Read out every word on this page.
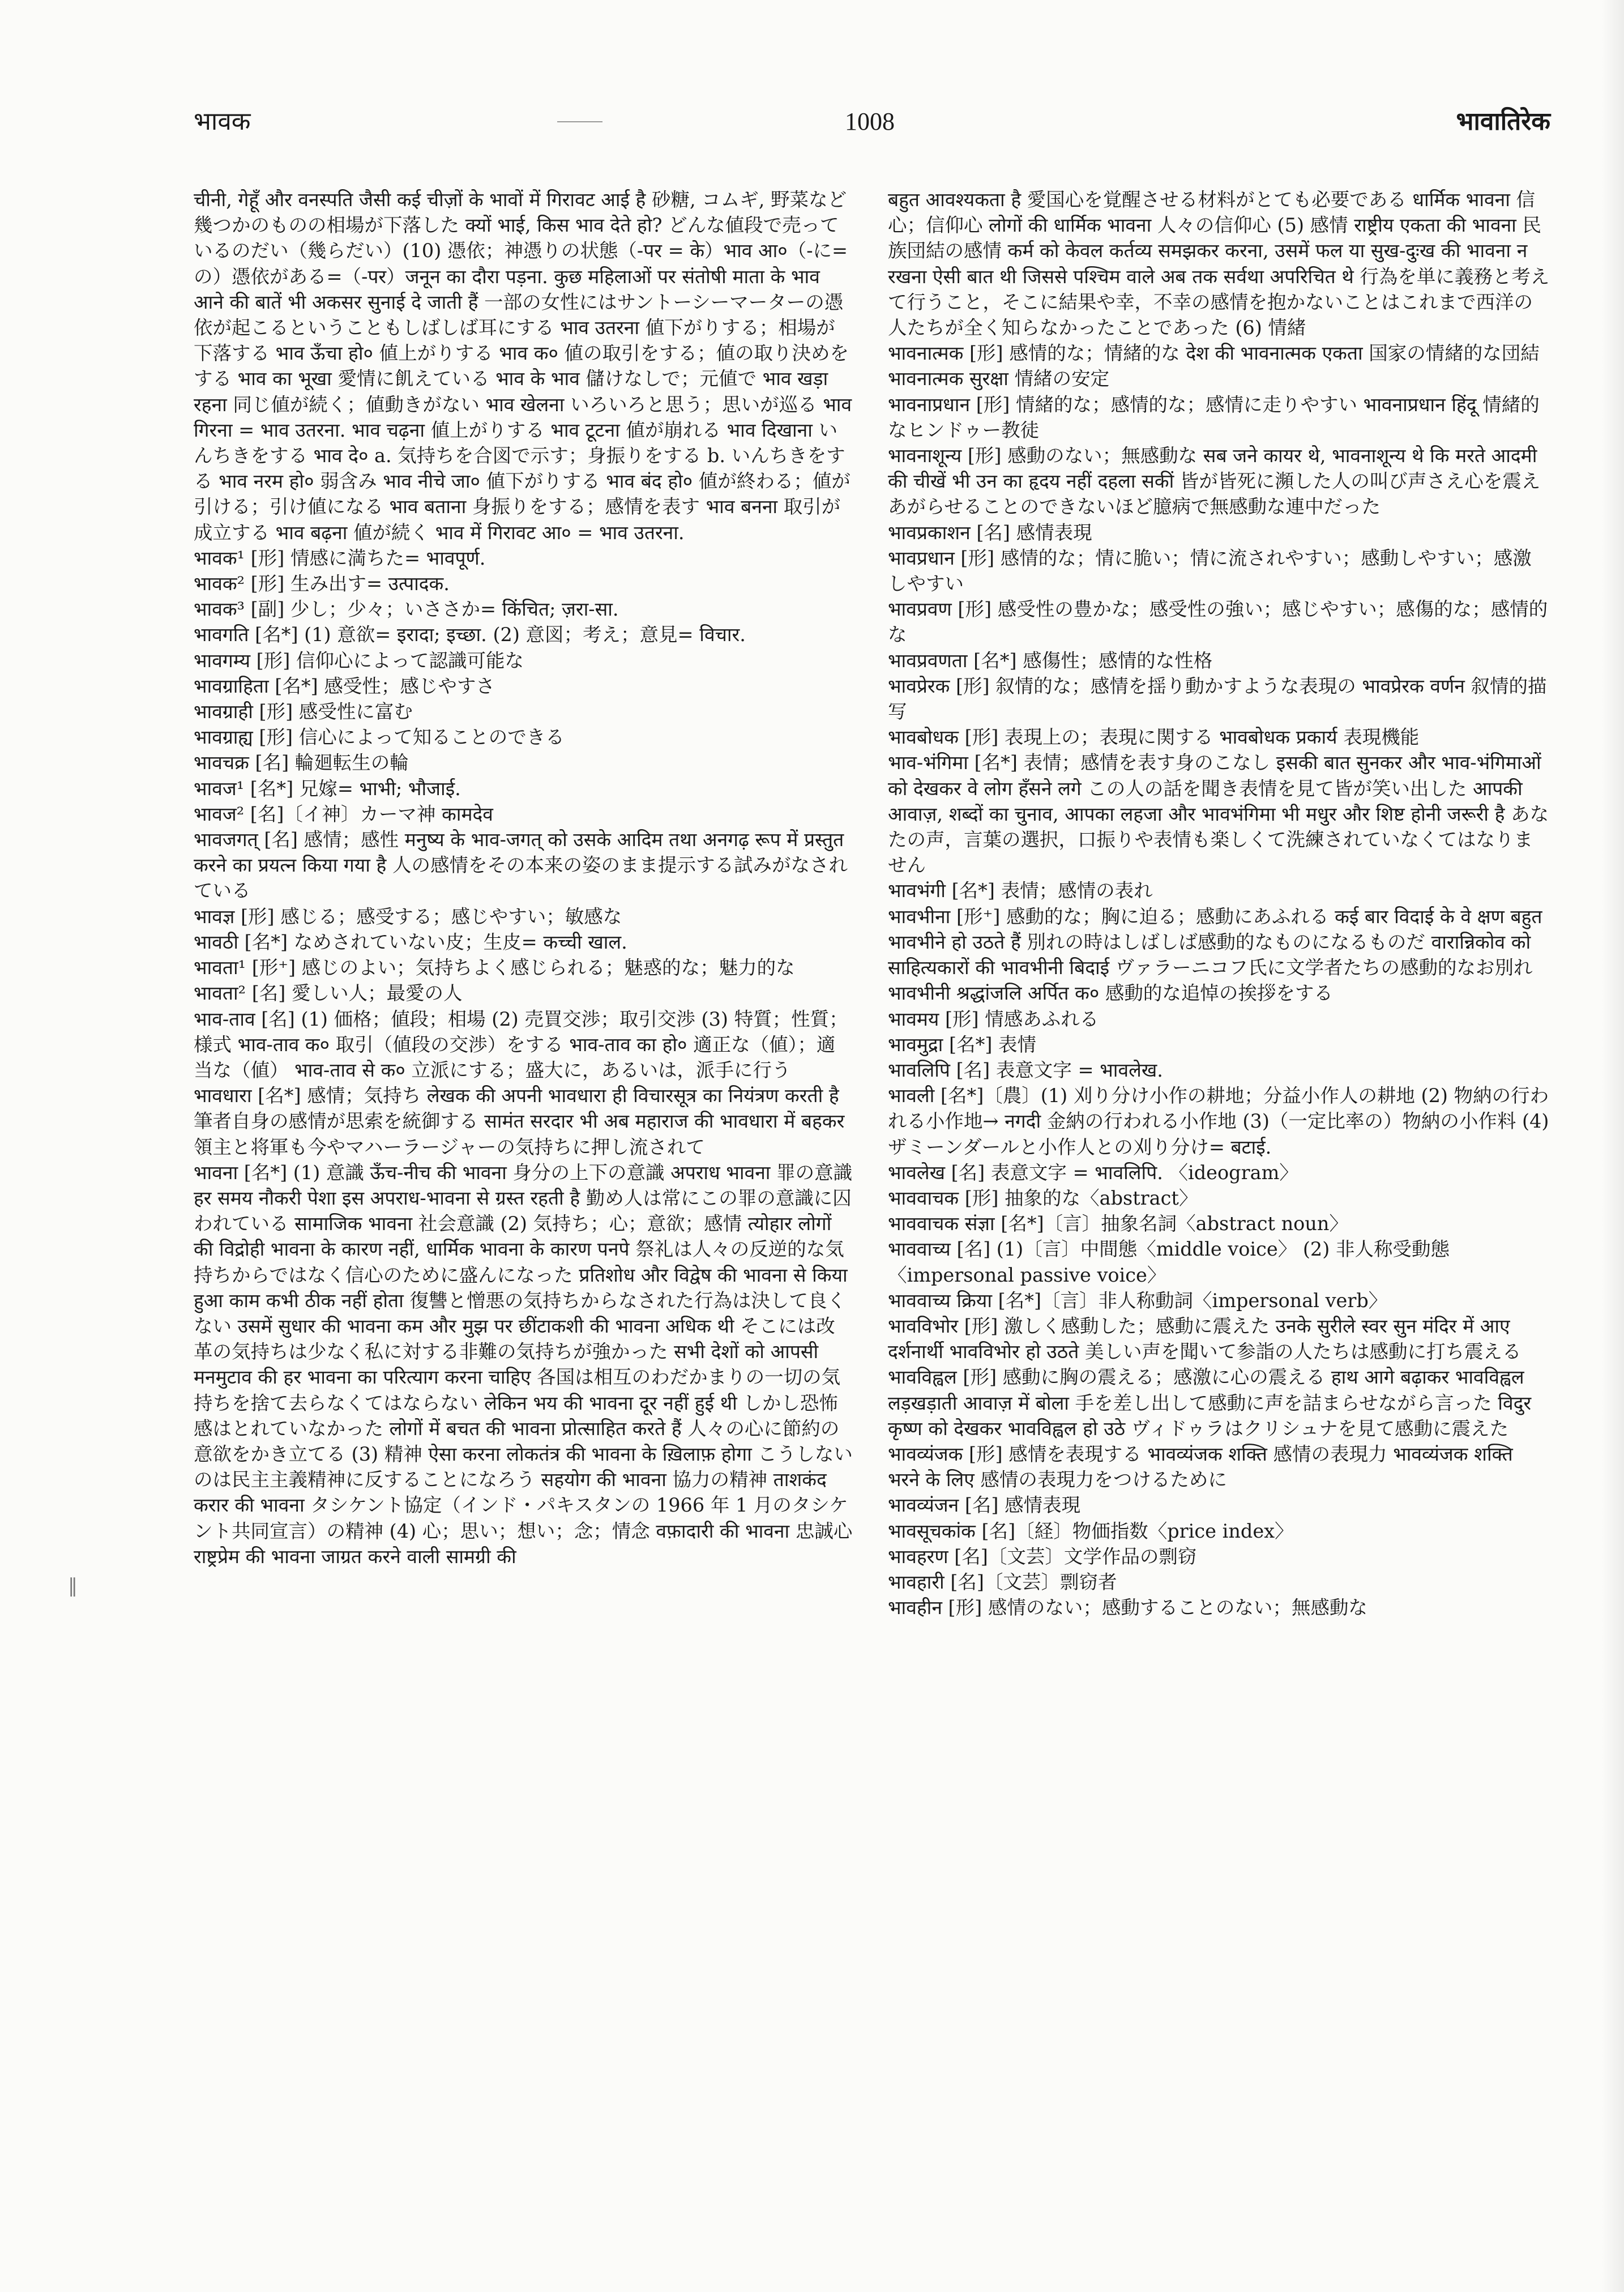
भावक	1008	भावातिरेक
‖

चीनी, गेहूँ और वनस्पति जैसी कई चीज़ों के भावों में गिरावट आई है 砂糖, コムギ, 野菜など幾つかのものの相場が下落した क्यों भाई, किस भाव देते हो? どんな値段で売っているのだい（幾らだい）(10) 憑依；神憑りの状態（-पर = के）भाव आ०（-に=の）憑依がある=（-पर）जनून का दौरा पड़ना. कुछ महिलाओं पर संतोषी माता के भाव आने की बातें भी अकसर सुनाई दे जाती हैं 一部の女性にはサントーシーマーターの憑依が起こるということもしばしば耳にする भाव उतरना 値下がりする；相場が下落する भाव ऊँचा हो० 値上がりする भाव क० 値の取引をする；値の取り決めをする भाव का भूखा 愛情に飢えている भाव के भाव 儲けなしで；元値で भाव खड़ा रहना 同じ値が続く；値動きがない भाव खेलना いろいろと思う；思いが巡る भाव गिरना = भाव उतरना. भाव चढ़ना 値上がりする भाव टूटना 値が崩れる भाव दिखाना いんちきをする भाव दे० a. 気持ちを合図で示す；身振りをする b. いんちきをする भाव नरम हो० 弱含み भाव नीचे जा० 値下がりする भाव बंद हो० 値が終わる；値が引ける；引け値になる भाव बताना 身振りをする；感情を表す भाव बनना 取引が成立する भाव बढ़ना 値が続く भाव में गिरावट आ० = भाव उतरना.

भावक¹ [形] 情感に満ちた= भावपूर्ण.

भावक² [形] 生み出す= उत्पादक.

भावक³ [副] 少し；少々；いささか= किंचित; ज़रा-सा.

भावगति [名*] (1) 意欲= इरादा; इच्छा. (2) 意図；考え；意見= विचार.

भावगम्य [形] 信仰心によって認識可能な

भावग्राहिता [名*] 感受性；感じやすさ

भावग्राही [形] 感受性に富む

भावग्राह्य [形] 信心によって知ることのできる

भावचक्र [名] 輪廻転生の輪

भावज¹ [名*] 兄嫁= भाभी; भौजाई.

भावज² [名]〔イ神〕カーマ神 कामदेव

भावजगत् [名] 感情；感性 मनुष्य के भाव-जगत् को उसके आदिम तथा अनगढ़ रूप में प्रस्तुत करने का प्रयत्न किया गया है 人の感情をその本来の姿のまま提示する試みがなされている

भावज्ञ [形] 感じる；感受する；感じやすい；敏感な

भावठी [名*] なめされていない皮；生皮= कच्ची खाल.

भावता¹ [形⁺] 感じのよい；気持ちよく感じられる；魅惑的な；魅力的な

भावता² [名] 愛しい人；最愛の人

भाव-ताव [名] (1) 価格；値段；相場 (2) 売買交渉；取引交渉 (3) 特質；性質；様式 भाव-ताव क० 取引（値段の交渉）をする भाव-ताव का हो० 適正な（値）；適当な（値） भाव-ताव से क० 立派にする；盛大に，あるいは，派手に行う

भावधारा [名*] 感情；気持ち लेखक की अपनी भावधारा ही विचारसूत्र का नियंत्रण करती है 筆者自身の感情が思索を統御する सामंत सरदार भी अब महाराज की भावधारा में बहकर 領主と将軍も今やマハーラージャーの気持ちに押し流されて

भावना [名*] (1) 意識 ऊँच-नीच की भावना 身分の上下の意識 अपराध भावना 罪の意識 हर समय नौकरी पेशा इस अपराध-भावना से ग्रस्त रहती है 勤め人は常にこの罪の意識に囚われている सामाजिक भावना 社会意識 (2) 気持ち；心；意欲；感情 त्योहार लोगों की विद्रोही भावना के कारण नहीं, धार्मिक भावना के कारण पनपे 祭礼は人々の反逆的な気持ちからではなく信心のために盛んになった प्रतिशोध और विद्वेष की भावना से किया हुआ काम कभी ठीक नहीं होता 復讐と憎悪の気持ちからなされた行為は決して良くない उसमें सुधार की भावना कम और मुझ पर छींटाकशी की भावना अधिक थी そこには改革の気持ちは少なく私に対する非難の気持ちが強かった सभी देशों को आपसी मनमुटाव की हर भावना का परित्याग करना चाहिए 各国は相互のわだかまりの一切の気持ちを捨て去らなくてはならない लेकिन भय की भावना दूर नहीं हुई थी しかし恐怖感はとれていなかった लोगों में बचत की भावना प्रोत्साहित करते हैं 人々の心に節約の意欲をかき立てる (3) 精神 ऐसा करना लोकतंत्र की भावना के ख़िलाफ़ होगा こうしないのは民主主義精神に反することになろう सहयोग की भावना 協力の精神 ताशकंद करार की भावना タシケント協定（インド・パキスタンの 1966 年 1 月のタシケント共同宣言）の精神 (4) 心；思い；想い；念；情念 वफ़ादारी की भावना 忠誠心 राष्ट्रप्रेम की भावना जाग्रत करने वाली सामग्री की

बहुत आवश्यकता है 愛国心を覚醒させる材料がとても必要である धार्मिक भावना 信心；信仰心 लोगों की धार्मिक भावना 人々の信仰心 (5) 感情 राष्ट्रीय एकता की भावना 民族団結の感情 कर्म को केवल कर्तव्य समझकर करना, उसमें फल या सुख-दुःख की भावना न रखना ऐसी बात थी जिससे पश्चिम वाले अब तक सर्वथा अपरिचित थे 行為を単に義務と考えて行うこと，そこに結果や幸，不幸の感情を抱かないことはこれまで西洋の人たちが全く知らなかったことであった (6) 情緒

भावनात्मक [形] 感情的な；情緒的な देश की भावनात्मक एकता 国家の情緒的な団結 भावनात्मक सुरक्षा 情緒の安定

भावनाप्रधान [形] 情緒的な；感情的な；感情に走りやすい भावनाप्रधान हिंदू 情緒的なヒンドゥー教徒

भावनाशून्य [形] 感動のない；無感動な सब जने कायर थे, भावनाशून्य थे कि मरते आदमी की चीखें भी उन का हृदय नहीं दहला सकीं 皆が皆死に瀕した人の叫び声さえ心を震えあがらせることのできないほど臆病で無感動な連中だった

भावप्रकाशन [名] 感情表現

भावप्रधान [形] 感情的な；情に脆い；情に流されやすい；感動しやすい；感激しやすい

भावप्रवण [形] 感受性の豊かな；感受性の強い；感じやすい；感傷的な；感情的な

भावप्रवणता [名*] 感傷性；感情的な性格

भावप्रेरक [形] 叙情的な；感情を揺り動かすような表現の भावप्रेरक वर्णन 叙情的描写

भावबोधक [形] 表現上の；表現に関する भावबोधक प्रकार्य 表現機能

भाव-भंगिमा [名*] 表情；感情を表す身のこなし इसकी बात सुनकर और भाव-भंगिमाओं को देखकर वे लोग हँसने लगे この人の話を聞き表情を見て皆が笑い出した आपकी आवाज़, शब्दों का चुनाव, आपका लहजा और भावभंगिमा भी मधुर और शिष्ट होनी जरूरी है あなたの声，言葉の選択，口振りや表情も楽しくて洗練されていなくてはなりません

भावभंगी [名*] 表情；感情の表れ

भावभीना [形⁺] 感動的な；胸に迫る；感動にあふれる कई बार विदाई के वे क्षण बहुत भावभीने हो उठते हैं 別れの時はしばしば感動的なものになるものだ वारान्निकोव को साहित्यकारों की भावभीनी बिदाई ヴァラーニコフ氏に文学者たちの感動的なお別れ भावभीनी श्रद्धांजलि अर्पित क० 感動的な追悼の挨拶をする

भावमय [形] 情感あふれる

भावमुद्रा [名*] 表情

भावलिपि [名] 表意文字 = भावलेख.

भावली [名*]〔農〕(1) 刈り分け小作の耕地；分益小作人の耕地 (2) 物納の行われる小作地→ नगदी 金納の行われる小作地 (3)（一定比率の）物納の小作料 (4) ザミーンダールと小作人との刈り分け= बटाई.

भावलेख [名] 表意文字 = भावलिपि. 〈ideogram〉

भाववाचक [形] 抽象的な〈abstract〉

भाववाचक संज्ञा [名*]〔言〕抽象名詞〈abstract noun〉

भाववाच्य [名] (1)〔言〕中間態〈middle voice〉 (2) 非人称受動態〈impersonal passive voice〉

भाववाच्य क्रिया [名*]〔言〕非人称動詞〈impersonal verb〉

भावविभोर [形] 激しく感動した；感動に震えた उनके सुरीले स्वर सुन मंदिर में आए दर्शनार्थी भावविभोर हो उठते 美しい声を聞いて参詣の人たちは感動に打ち震える

भावविह्वल [形] 感動に胸の震える；感激に心の震える हाथ आगे बढ़ाकर भावविह्वल लड़खड़ाती आवाज़ में बोला 手を差し出して感動に声を詰まらせながら言った विदुर कृष्ण को देखकर भावविह्वल हो उठे ヴィドゥラはクリシュナを見て感動に震えた

भावव्यंजक [形] 感情を表現する भावव्यंजक शक्ति 感情の表現力 भावव्यंजक शक्ति भरने के लिए 感情の表現力をつけるために

भावव्यंजन [名] 感情表現

भावसूचकांक [名]〔経〕物価指数〈price index〉

भावहरण [名]〔文芸〕文学作品の剽窃

भावहारी [名]〔文芸〕剽窃者

भावहीन [形] 感情のない；感動することのない；無感動な
